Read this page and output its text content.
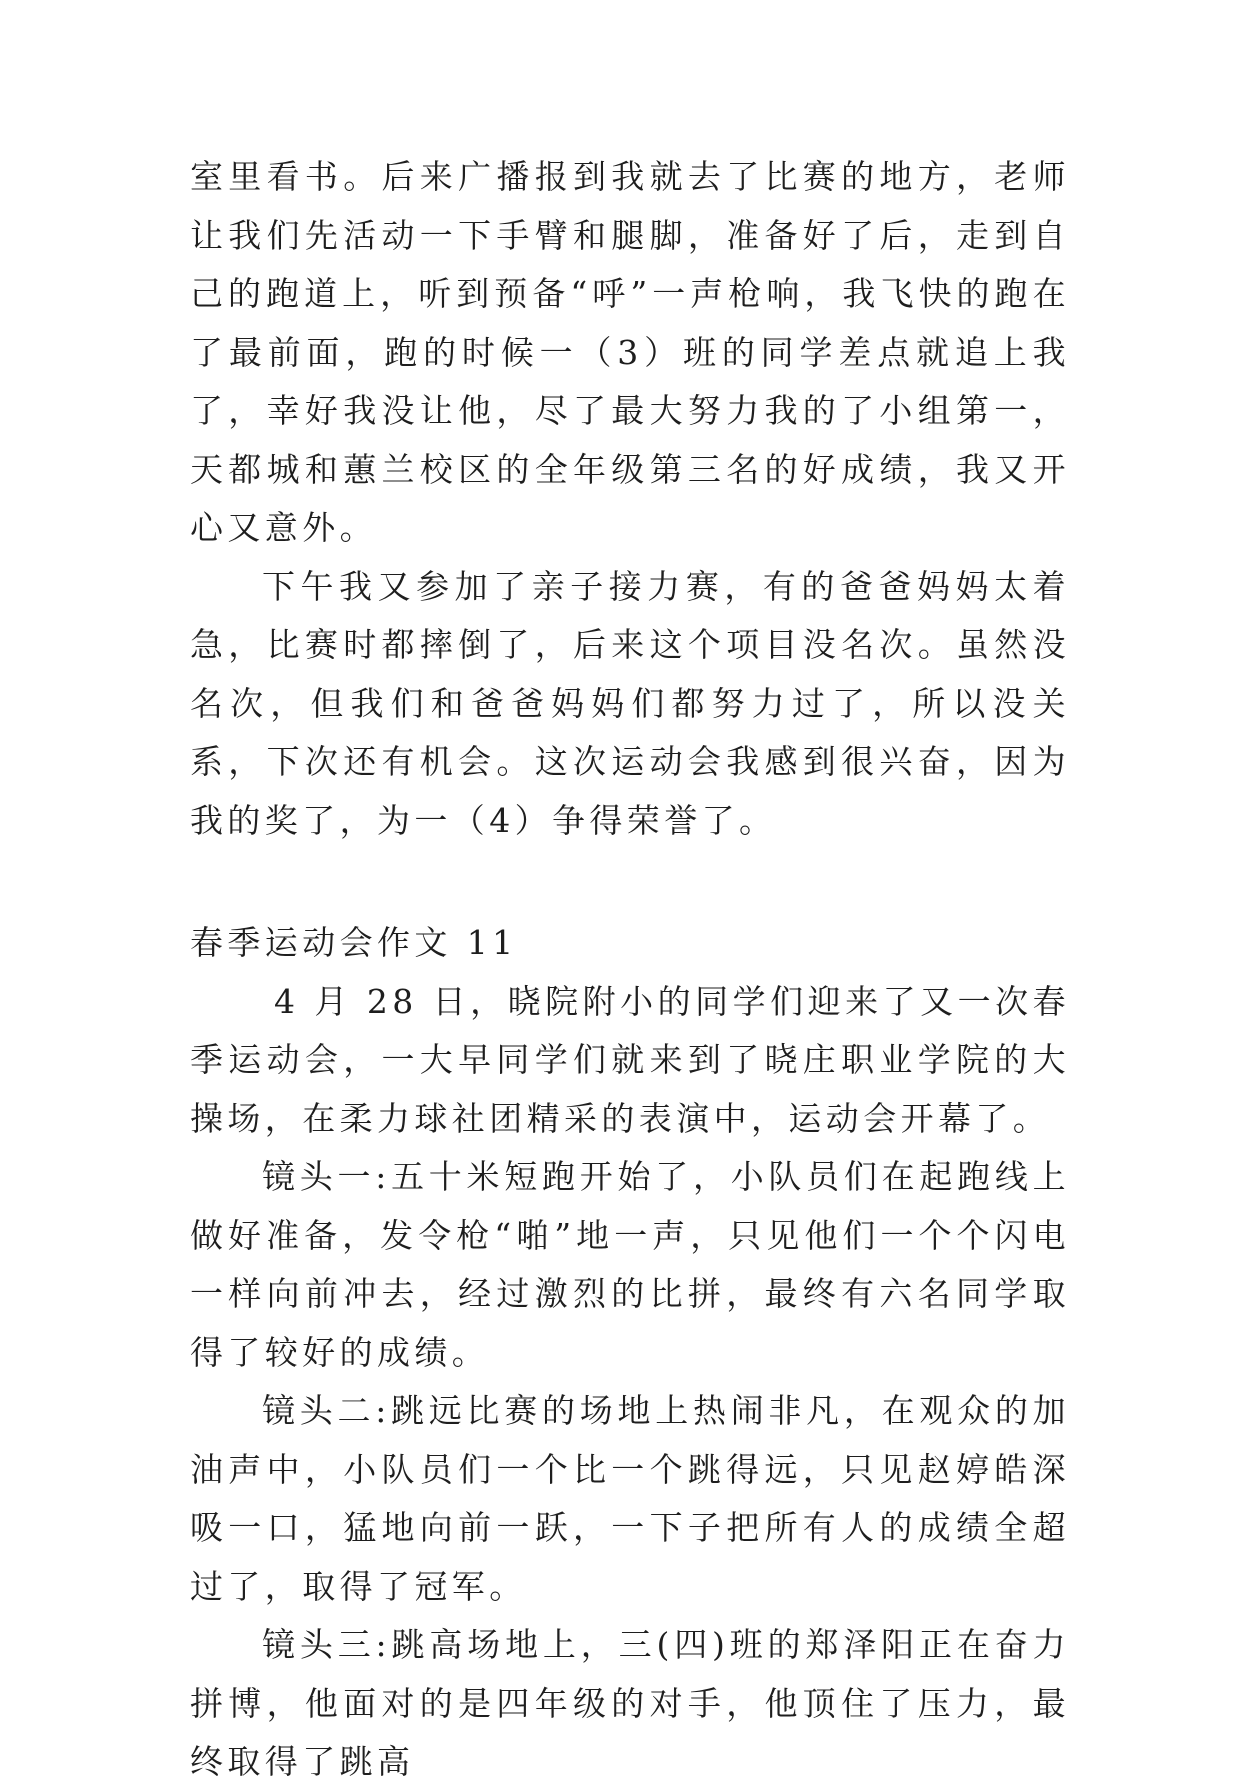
室里看书。后来广播报到我就去了比赛的地方，老师让我们先活动一下手臂和腿脚，准备好了后，走到自己的跑道上，听到预备“呼”一声枪响，我飞快的跑在了最前面，跑的时候一（3）班的同学差点就追上我了，幸好我没让他，尽了最大努力我的了小组第一，天都城和蕙兰校区的全年级第三名的好成绩，我又开心又意外。

下午我又参加了亲子接力赛，有的爸爸妈妈太着急，比赛时都摔倒了，后来这个项目没名次。虽然没名次，但我们和爸爸妈妈们都努力过了，所以没关系，下次还有机会。这次运动会我感到很兴奋，因为我的奖了，为一（4）争得荣誉了。

春季运动会作文 11

4 月 28 日，晓院附小的同学们迎来了又一次春季运动会，一大早同学们就来到了晓庄职业学院的大操场，在柔力球社团精采的表演中，运动会开幕了。

镜头一:五十米短跑开始了，小队员们在起跑线上做好准备，发令枪“啪”地一声，只见他们一个个闪电一样向前冲去，经过激烈的比拼，最终有六名同学取得了较好的成绩。

镜头二:跳远比赛的场地上热闹非凡，在观众的加油声中，小队员们一个比一个跳得远，只见赵婷皓深吸一口，猛地向前一跃，一下子把所有人的成绩全超过了，取得了冠军。

镜头三:跳高场地上，三(四)班的郑泽阳正在奋力拼博，他面对的是四年级的对手，他顶住了压力，最终取得了跳高
